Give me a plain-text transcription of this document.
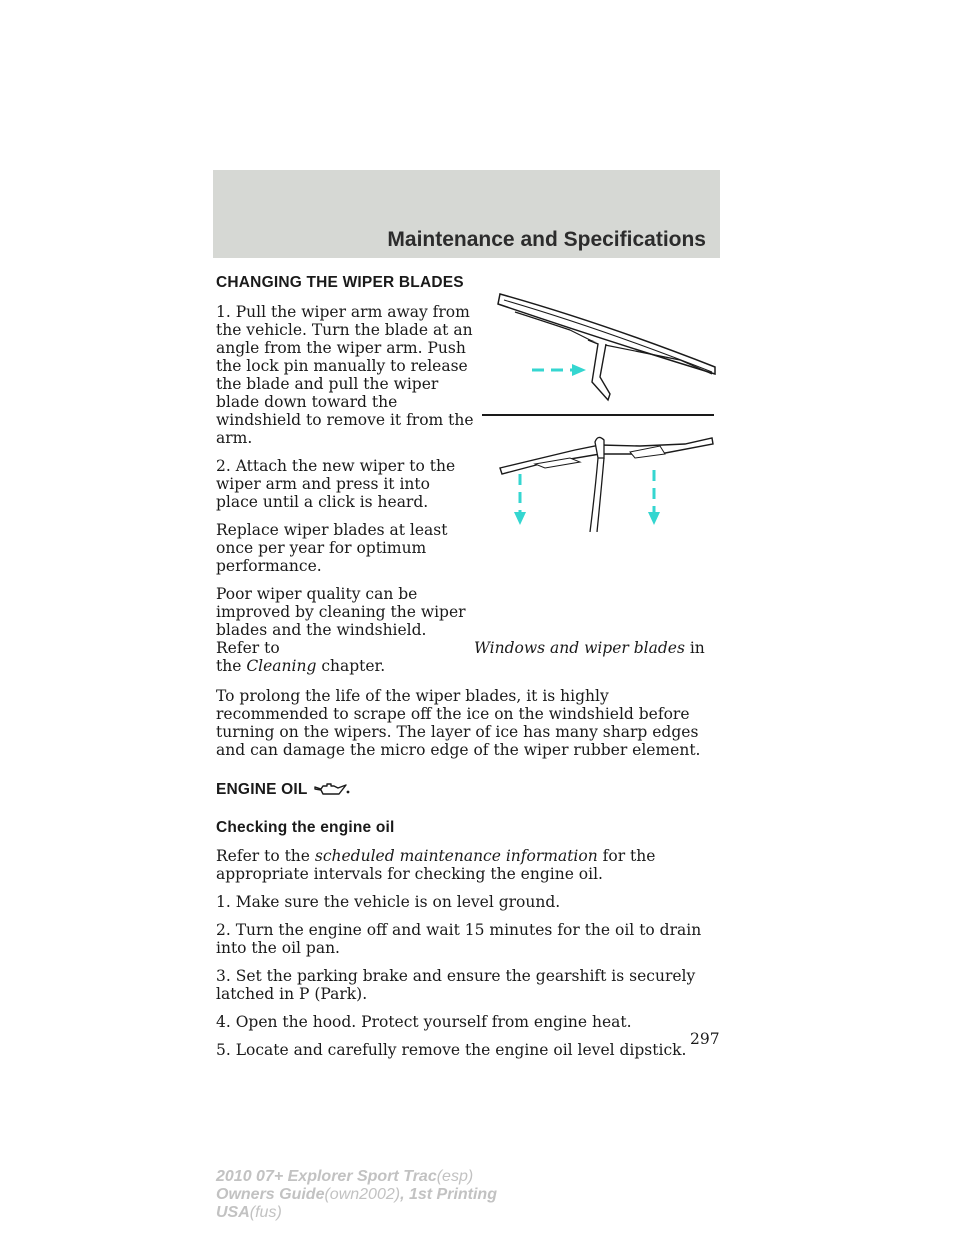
Maintenance and Specifications
CHANGING THE WIPER BLADES

1. Pull the wiper arm away from the vehicle. Turn the blade at an angle from the wiper arm. Push the lock pin manually to release the blade and pull the wiper blade down toward the windshield to remove it from the arm.

2. Attach the new wiper to the wiper arm and press it into place until a click is heard.

Replace wiper blades at least once per year for optimum performance.

Poor wiper quality can be improved by cleaning the wiper blades and the windshield. Refer to	Windows and wiper blades in the Cleaning chapter.

To prolong the life of the wiper blades, it is highly recommended to scrape off the ice on the windshield before turning on the wipers. The layer of ice has many sharp edges and can damage the micro edge of the wiper rubber element.

ENGINE OIL
Checking the engine oil

Refer to the scheduled maintenance information for the appropriate intervals for checking the engine oil.

1. Make sure the vehicle is on level ground.

2. Turn the engine off and wait 15 minutes for the oil to drain into the oil pan.

3. Set the parking brake and ensure the gearshift is securely latched in P (Park).

4. Open the hood. Protect yourself from engine heat.

5. Locate and carefully remove the engine oil level dipstick.

297
2010 07+ Explorer Sport Trac(esp)
Owners Guide(own2002), 1st Printing
USA(fus)
